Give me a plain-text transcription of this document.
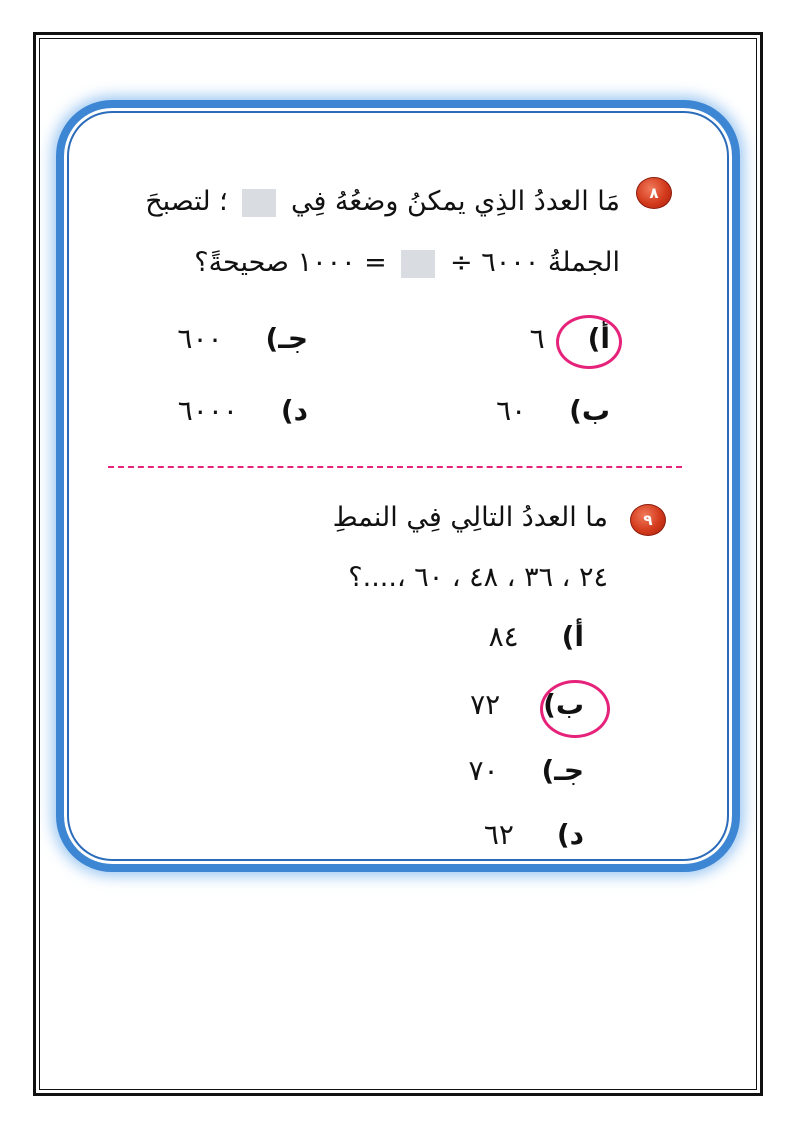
٨
مَا العددُ الذِي يمكنُ وضعُهُ فِي  ؛ لتصبحَ
الجملةُ ٦٠٠٠ ÷  = ١٠٠٠ صحيحةً؟
أ) ٦
ب) ٦٠
جـ) ٦٠٠
د) ٦٠٠٠
٩
ما العددُ التالِي فِي النمطِ
٢٤ ، ٣٦ ، ٤٨ ، ٦٠ ،....؟
أ) ٨٤
ب) ٧٢
جـ) ٧٠
د) ٦٢
